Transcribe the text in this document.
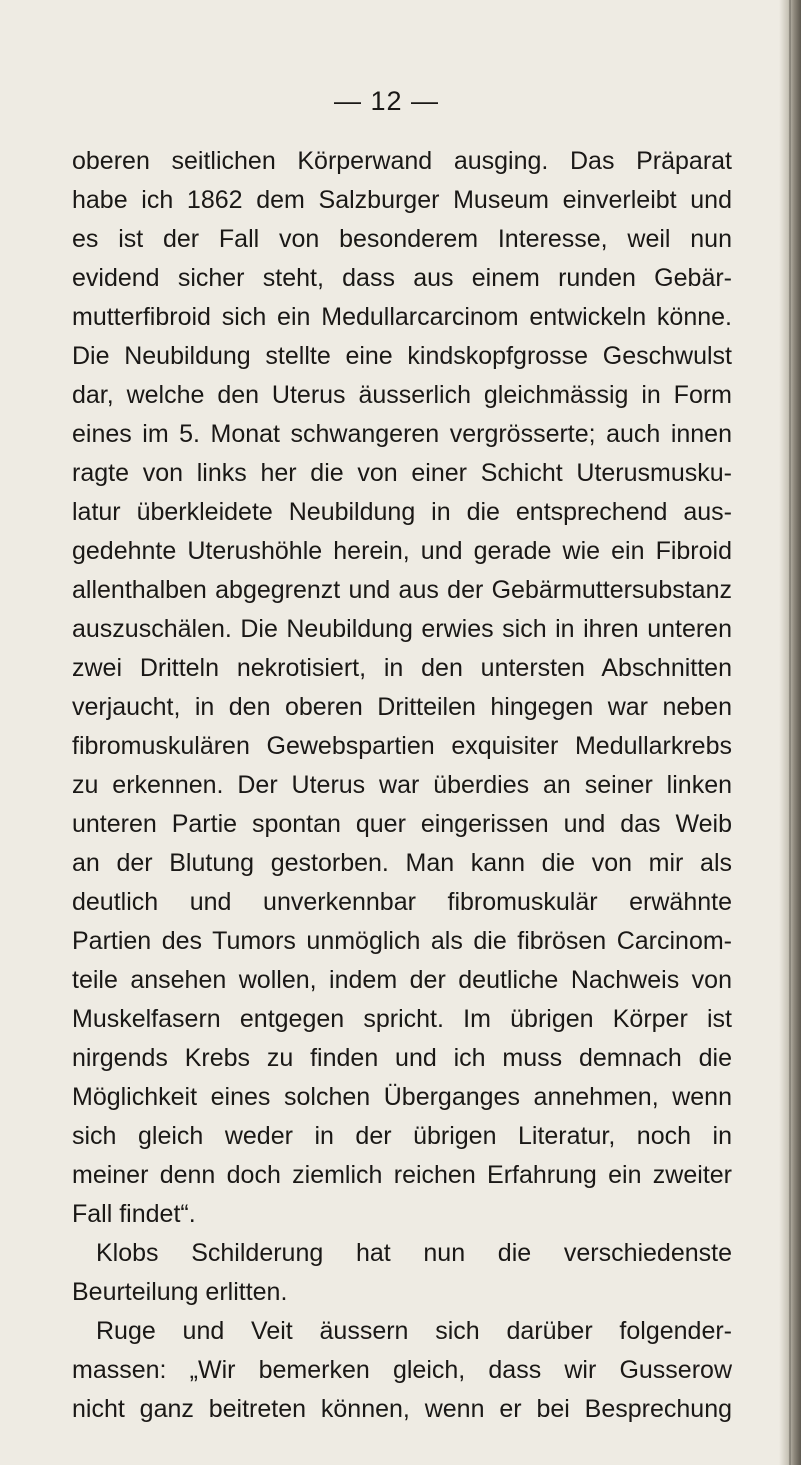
— 12 —
oberen seitlichen Körperwand ausging. Das Präparat
habe ich 1862 dem Salzburger Museum einverleibt und
es ist der Fall von besonderem Interesse, weil nun
evidend sicher steht, dass aus einem runden Gebär-
mutterfibroid sich ein Medullarcarcinom entwickeln könne.
Die Neubildung stellte eine kindskopfgrosse Geschwulst
dar, welche den Uterus äusserlich gleichmässig in Form
eines im 5. Monat schwangeren vergrösserte; auch innen
ragte von links her die von einer Schicht Uterusmusku-
latur überkleidete Neubildung in die entsprechend aus-
gedehnte Uterushöhle herein, und gerade wie ein Fibroid
allenthalben abgegrenzt und aus der Gebärmuttersubstanz
auszuschälen. Die Neubildung erwies sich in ihren unteren
zwei Dritteln nekrotisiert, in den untersten Abschnitten
verjaucht, in den oberen Dritteilen hingegen war neben
fibromuskulären Gewebspartien exquisiter Medullarkrebs
zu erkennen. Der Uterus war überdies an seiner linken
unteren Partie spontan quer eingerissen und das Weib
an der Blutung gestorben. Man kann die von mir als
deutlich und unverkennbar fibromuskulär erwähnte
Partien des Tumors unmöglich als die fibrösen Carcinom-
teile ansehen wollen, indem der deutliche Nachweis von
Muskelfasern entgegen spricht. Im übrigen Körper ist
nirgends Krebs zu finden und ich muss demnach die
Möglichkeit eines solchen Überganges annehmen, wenn
sich gleich weder in der übrigen Literatur, noch in
meiner denn doch ziemlich reichen Erfahrung ein zweiter
Fall findet“.
Klobs Schilderung hat nun die verschiedenste
Beurteilung erlitten.
Ruge und Veit äussern sich darüber folgender-
massen: „Wir bemerken gleich, dass wir Gusserow
nicht ganz beitreten können, wenn er bei Besprechung
